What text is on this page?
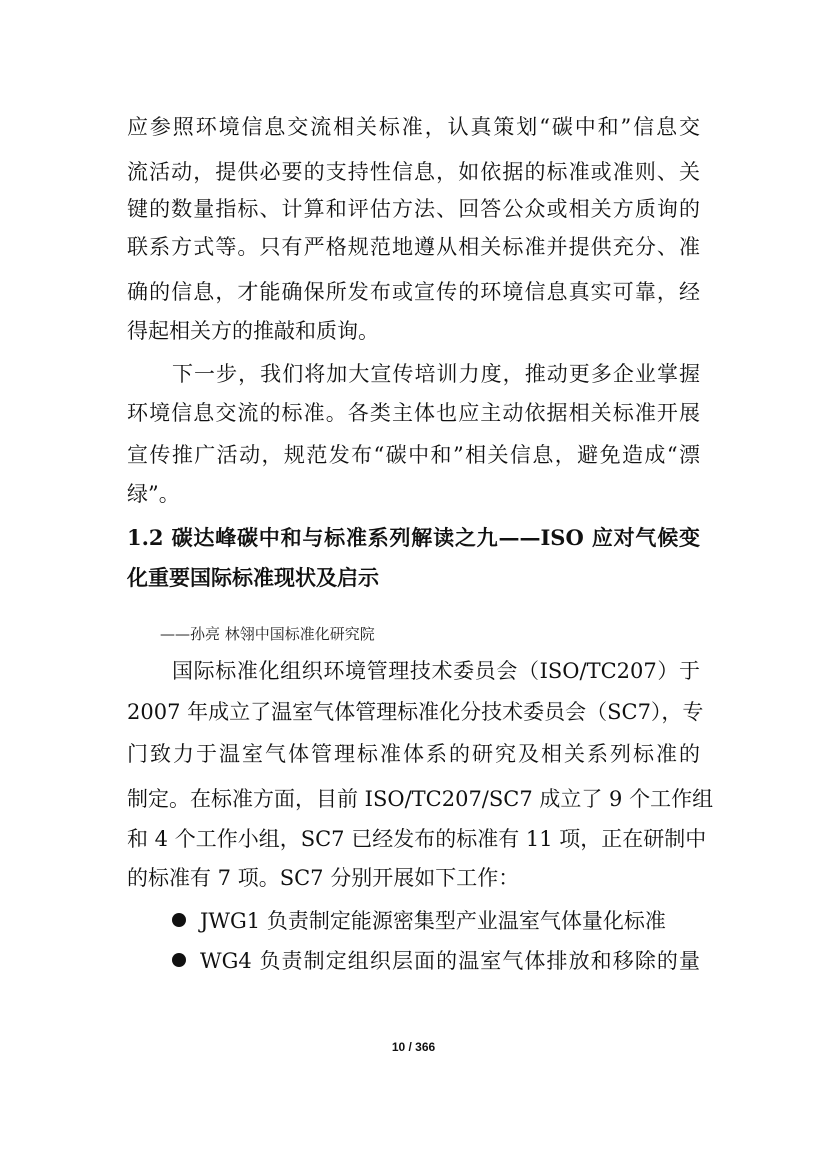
应参照环境信息交流相关标准，认真策划“碳中和”信息交
流活动，提供必要的支持性信息，如依据的标准或准则、关
键的数量指标、计算和评估方法、回答公众或相关方质询的
联系方式等。只有严格规范地遵从相关标准并提供充分、准
确的信息，才能确保所发布或宣传的环境信息真实可靠，经
得起相关方的推敲和质询。
下一步，我们将加大宣传培训力度，推动更多企业掌握
环境信息交流的标准。各类主体也应主动依据相关标准开展
宣传推广活动，规范发布“碳中和”相关信息，避免造成“漂
绿”。
1.2 碳达峰碳中和与标准系列解读之九——ISO 应对气候变
化重要国际标准现状及启示
——孙亮 林翎中国标准化研究院
国际标准化组织环境管理技术委员会（ISO/TC207）于
2007 年成立了温室气体管理标准化分技术委员会（SC7），专
门致力于温室气体管理标准体系的研究及相关系列标准的
制定。在标准方面，目前 ISO/TC207/SC7 成立了 9 个工作组
和 4 个工作小组，SC7 已经发布的标准有 11 项，正在研制中
的标准有 7 项。SC7 分别开展如下工作：
JWG1 负责制定能源密集型产业温室气体量化标准
WG4 负责制定组织层面的温室气体排放和移除的量
10 / 366
